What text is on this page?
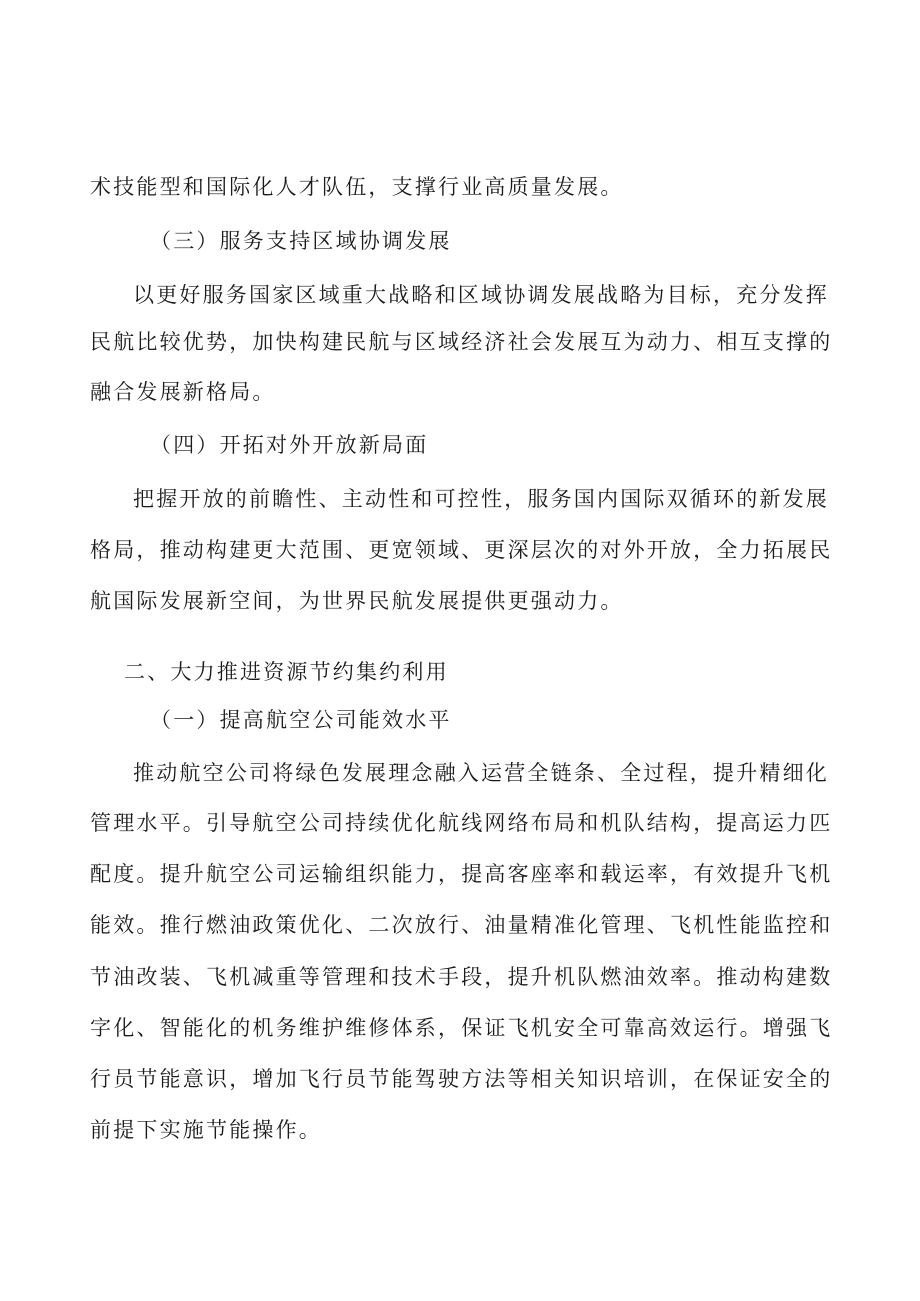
术技能型和国际化人才队伍，支撑行业高质量发展。
（三）服务支持区域协调发展
以更好服务国家区域重大战略和区域协调发展战略为目标，充分发挥
民航比较优势，加快构建民航与区域经济社会发展互为动力、相互支撑的
融合发展新格局。
（四）开拓对外开放新局面
把握开放的前瞻性、主动性和可控性，服务国内国际双循环的新发展
格局，推动构建更大范围、更宽领域、更深层次的对外开放，全力拓展民
航国际发展新空间，为世界民航发展提供更强动力。
二、大力推进资源节约集约利用
（一）提高航空公司能效水平
推动航空公司将绿色发展理念融入运营全链条、全过程，提升精细化
管理水平。引导航空公司持续优化航线网络布局和机队结构，提高运力匹
配度。提升航空公司运输组织能力，提高客座率和载运率，有效提升飞机
能效。推行燃油政策优化、二次放行、油量精准化管理、飞机性能监控和
节油改装、飞机减重等管理和技术手段，提升机队燃油效率。推动构建数
字化、智能化的机务维护维修体系，保证飞机安全可靠高效运行。增强飞
行员节能意识，增加飞行员节能驾驶方法等相关知识培训，在保证安全的
前提下实施节能操作。
